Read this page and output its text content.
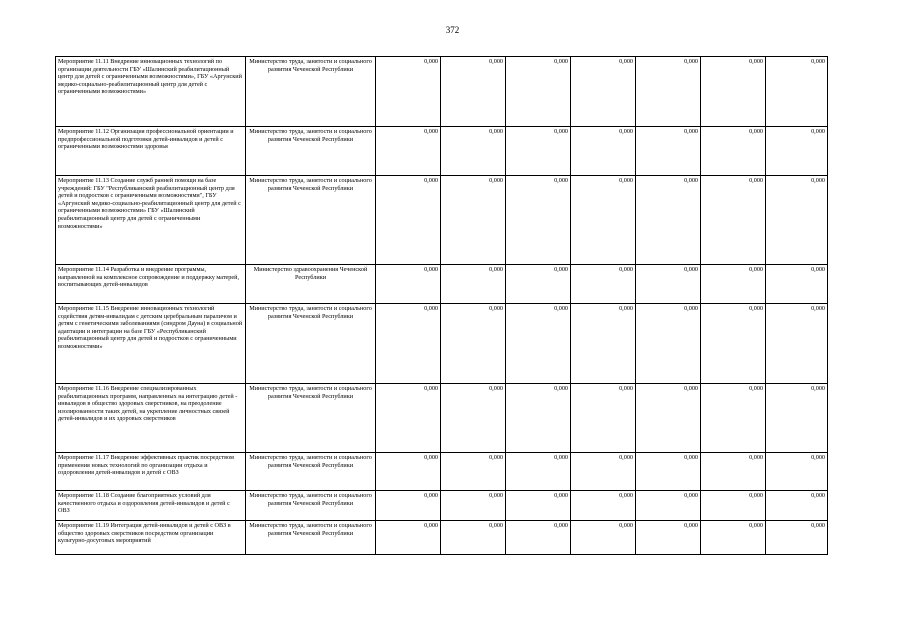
372
Мероприятие 11.11 Внедрение инновационных технологий по организации деятельности ГБУ «Шалинский реабилитационный центр для детей с ограниченными возможностями», ГБУ «Аргунский медико-социально-реабилитационный центр для детей с ограниченными возможностями»	Министерство труда, занятости и социального развития Чеченской Республики	0,000	0,000	0,000	0,000	0,000	0,000	0,000
Мероприятие 11.12 Организация профессиональной ориентации и предпрофессиональной подготовки детей-инвалидов и детей с ограниченными возможностями здоровья	Министерство труда, занятости и социального развития Чеченской Республики	0,000	0,000	0,000	0,000	0,000	0,000	0,000
Мероприятие 11.13 Создание служб ранней помощи на базе учреждений: ГБУ "Республиканский реабилитационный центр для детей и подростков с ограниченными возможностями", ГБУ «Аргунский медико-социально-реабилитационный центр для детей с ограниченными возможностями» ГБУ «Шалинский реабилитационный центр для детей с ограниченными возможностями»	Министерство труда, занятости и социального развития Чеченской Республики	0,000	0,000	0,000	0,000	0,000	0,000	0,000
Мероприятие 11.14 Разработка и внедрение программы, направленной на комплексное сопровождение и поддержку матерей, воспитывающих детей-инвалидов	Министерство здравоохранения Чеченской Республики	0,000	0,000	0,000	0,000	0,000	0,000	0,000
Мероприятие 11.15 Внедрение инновационных технологий содействия детям-инвалидам с детским церебральным параличом и детям с генетическими заболеваниями (синдром Дауна) в социальной адаптации и интеграции на базе ГБУ «Республиканский реабилитационный центр для детей и подростков с ограниченными возможностями»	Министерство труда, занятости и социального развития Чеченской Республики	0,000	0,000	0,000	0,000	0,000	0,000	0,000
Мероприятие 11.16 Внедрение специализированных реабилитационных программ, направленных на интеграцию детей - инвалидов в общество здоровых сверстников, на преодоление изолированности таких детей, на укрепление личностных связей детей-инвалидов и их здоровых сверстников	Министерство труда, занятости и социального развития Чеченской Республики	0,000	0,000	0,000	0,000	0,000	0,000	0,000
Мероприятие 11.17 Внедрение эффективных практик посредством применения новых технологий по организации отдыха и оздоровления детей-инвалидов и детей с ОВЗ	Министерство труда, занятости и социального развития Чеченской Республики	0,000	0,000	0,000	0,000	0,000	0,000	0,000
Мероприятие 11.18 Создание благоприятных условий для качественного отдыха и оздоровления детей-инвалидов и детей с ОВЗ	Министерство труда, занятости и социального развития Чеченской Республики	0,000	0,000	0,000	0,000	0,000	0,000	0,000
Мероприятие 11.19 Интеграция детей-инвалидов и детей с ОВЗ в общество здоровых сверстников посредством организации культурно-досуговых мероприятий	Министерство труда, занятости и социального развития Чеченской Республики	0,000	0,000	0,000	0,000	0,000	0,000	0,000
